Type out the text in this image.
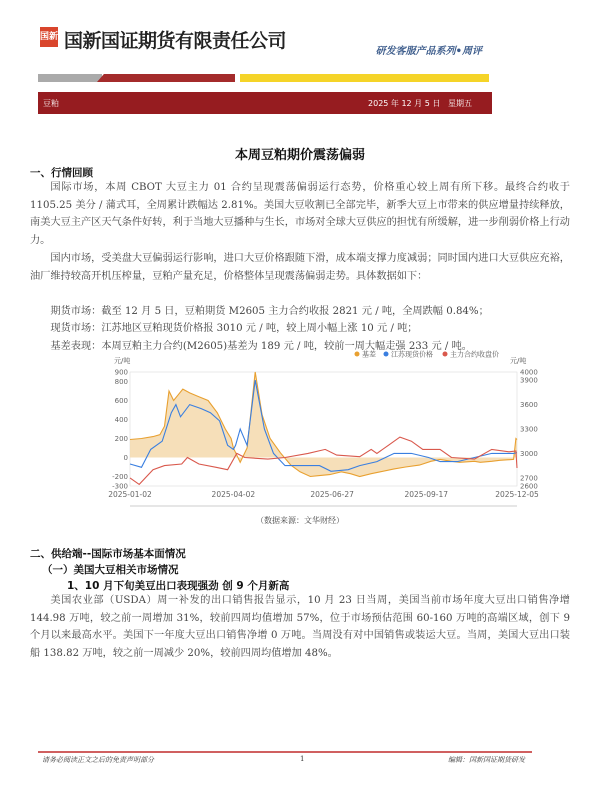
国新 国新国证期货有限责任公司	研发客服产品系列•周评
豆粕	2025 年 12 月 5 日 星期五
本周豆粕期价震荡偏弱
一、行情回顾
国际市场，本周 CBOT 大豆主力 01 合约呈现震荡偏弱运行态势，价格重心较上周有所下移。最终合约收于 1105.25 美分 / 蒲式耳，全周累计跌幅达 2.81%。美国大豆收割已全部完毕，新季大豆上市带来的供应增量持续释放，南美大豆主产区天气条件好转，利于当地大豆播种与生长，市场对全球大豆供应的担忧有所缓解，进一步削弱价格上行动力。
国内市场，受美盘大豆偏弱运行影响，进口大豆价格跟随下滑，成本端支撑力度减弱；同时国内进口大豆供应充裕，油厂维持较高开机压榨量，豆粕产量充足，价格整体呈现震荡偏弱走势。具体数据如下：
期货市场：截至 12 月 5 日，豆粕期货 M2605 主力合约收报 2821 元 / 吨，全周跌幅 0.84%；
现货市场：江苏地区豆粕现货价格报 3010 元 / 吨，较上周小幅上涨 10 元 / 吨；
基差表现：本周豆粕主力合约(M2605)基差为 189 元 / 吨，较前一周大幅走强 233 元 / 吨。
元/吨	元/吨
900
800
600
400
200
0
-200
-300
4000
3900
3600
3300
3000
2700
2600
2025-01-02	2025-04-02	2025-06-27	2025-09-17	2025-12-05
基差 江苏现货价格 主力合约收盘价
（数据来源：文华财经）
二、供给端--国际市场基本面情况
（一）美国大豆相关市场情况
1、10 月下旬美豆出口表现强劲 创 9 个月新高
美国农业部（USDA）周一补发的出口销售报告显示，10 月 23 日当周，美国当前市场年度大豆出口销售净增 144.98 万吨，较之前一周增加 31%，较前四周均值增加 57%，位于市场预估范围 60-160 万吨的高端区域，创下 9 个月以来最高水平。美国下一年度大豆出口销售净增 0 万吨。当周没有对中国销售或装运大豆。当周，美国大豆出口装船 138.82 万吨，较之前一周减少 20%，较前四周均值增加 48%。
请务必阅读正文之后的免责声明部分	1	编辑：国新国证期货研发
